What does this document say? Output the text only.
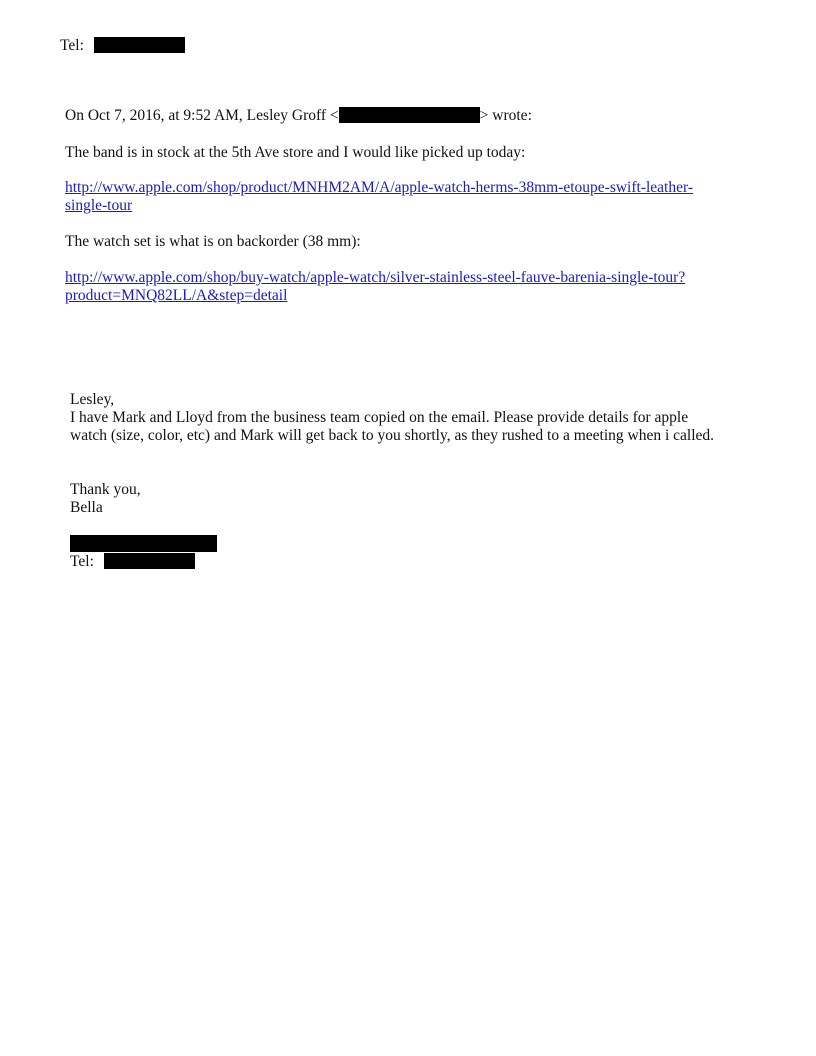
Tel:
On Oct 7, 2016, at 9:52 AM, Lesley Groff <	> wrote:
The band is in stock at the 5th Ave store and I would like picked up today:
http://www.apple.com/shop/product/MNHM2AM/A/apple-watch-herms-38mm-etoupe-swift-leather-
single-tour
The watch set is what is on backorder (38 mm):
http://www.apple.com/shop/buy-watch/apple-watch/silver-stainless-steel-fauve-barenia-single-tour?
product=MNQ82LL/A&step=detail
Lesley,
I have Mark and Lloyd from the business team copied on the email. Please provide details for apple
watch (size, color, etc) and Mark will get back to you shortly, as they rushed to a meeting when i called.
Thank you,
Bella
Tel:
